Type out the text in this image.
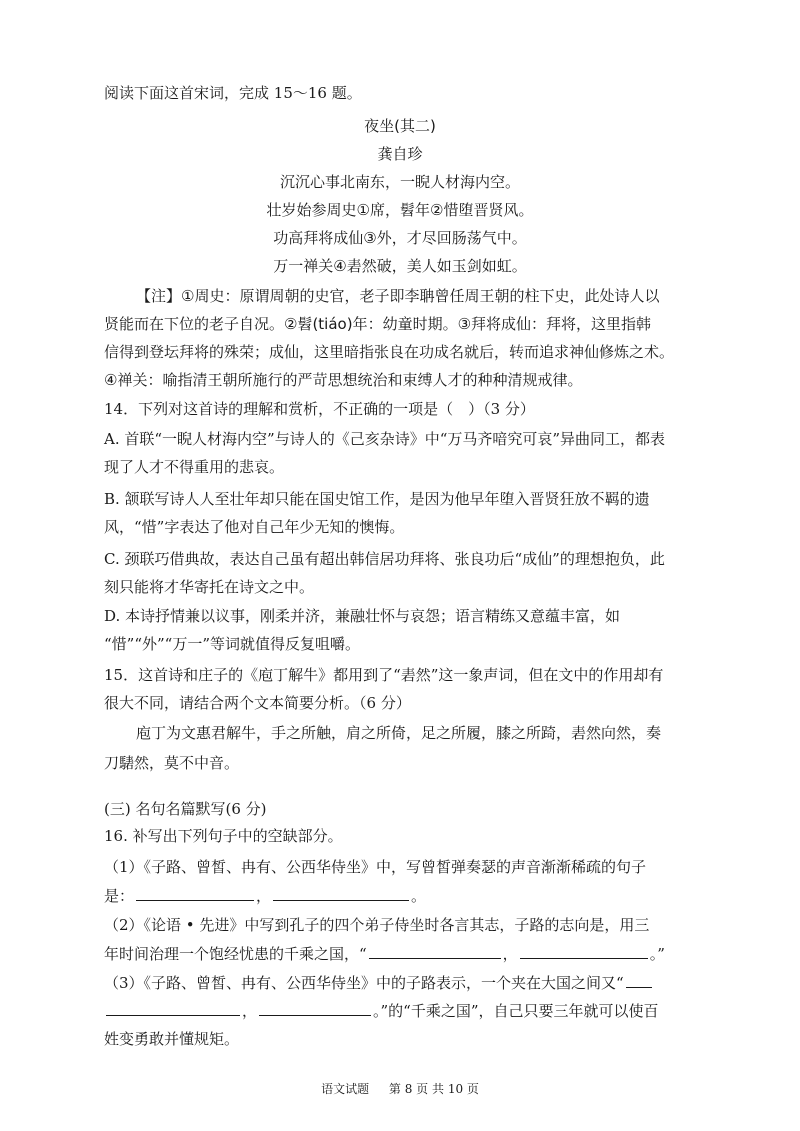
阅读下面这首宋词，完成 15～16 题。
夜坐(其二)
龚自珍
沉沉心事北南东，一睨人材海内空。
壮岁始参周史①席，髫年②惜堕晋贤风。
功高拜将成仙③外，才尽回肠荡气中。
万一禅关④砉然破，美人如玉剑如虹。
【注】①周史：原谓周朝的史官，老子即李聃曾任周王朝的柱下史，此处诗人以
贤能而在下位的老子自况。②髫(tiáo)年：幼童时期。③拜将成仙：拜将，这里指韩
信得到登坛拜将的殊荣；成仙，这里暗指张良在功成名就后，转而追求神仙修炼之术。
④禅关：喻指清王朝所施行的严苛思想统治和束缚人才的种种清规戒律。
14．下列对这首诗的理解和赏析，不正确的一项是（　）（3 分）
A. 首联“一睨人材海内空”与诗人的《己亥杂诗》中“万马齐喑究可哀”异曲同工，都表
现了人才不得重用的悲哀。
B. 颔联写诗人人至壮年却只能在国史馆工作，是因为他早年堕入晋贤狂放不羁的遗
风，“惜”字表达了他对自己年少无知的懊悔。
C. 颈联巧借典故，表达自己虽有超出韩信居功拜将、张良功后“成仙”的理想抱负，此
刻只能将才华寄托在诗文之中。
D. 本诗抒情兼以议事，刚柔并济，兼融壮怀与哀怨；语言精练又意蕴丰富，如
“惜”“外”“万一”等词就值得反复咀嚼。
15．这首诗和庄子的《庖丁解牛》都用到了“砉然”这一象声词，但在文中的作用却有
很大不同，请结合两个文本简要分析。（6 分）
庖丁为文惠君解牛，手之所触，肩之所倚，足之所履，膝之所踦，砉然向然，奏
刀騞然，莫不中音。
(三) 名句名篇默写(6 分)
16. 补写出下列句子中的空缺部分。
（1）《子路、曾皙、冉有、公西华侍坐》中，写曾皙弹奏瑟的声音渐渐稀疏的句子
是：	，	。
（2）《论语 • 先进》中写到孔子的四个弟子侍坐时各言其志，子路的志向是，用三
年时间治理一个饱经忧患的千乘之国，“	，	。”
（3）《子路、曾皙、冉有、公西华侍坐》中的子路表示，一个夹在大国之间又“
，	。”的“千乘之国”，自己只要三年就可以使百
姓变勇敢并懂规矩。
语文试题 第 8 页 共 10 页
